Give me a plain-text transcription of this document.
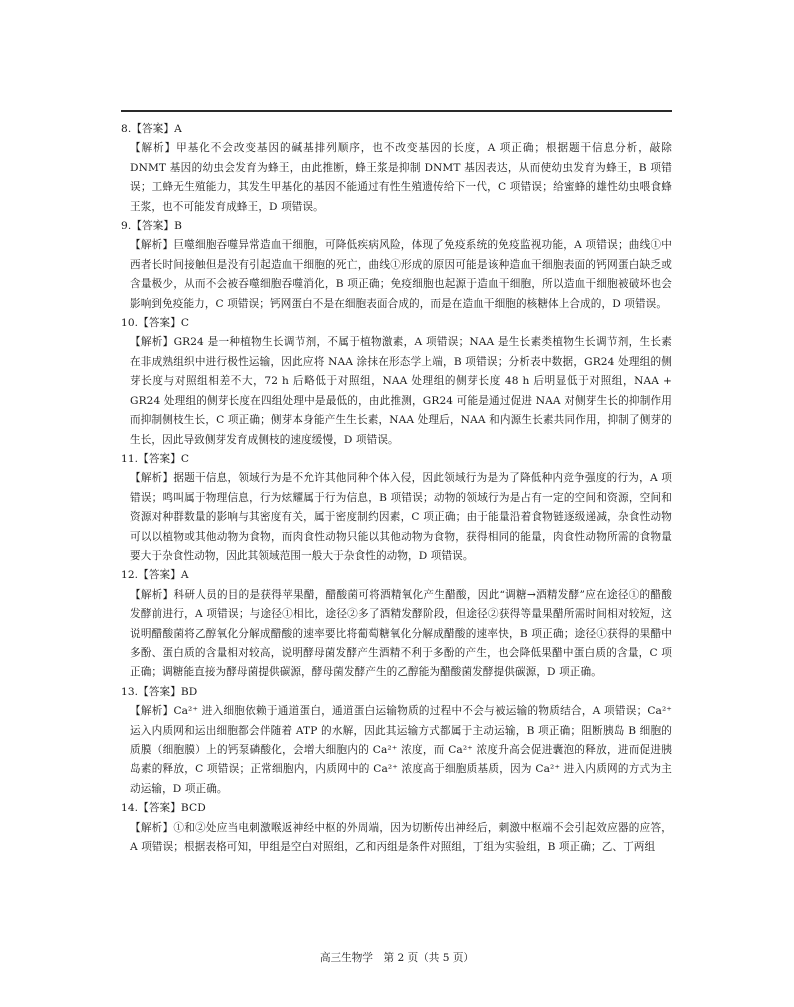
8.【答案】A

【解析】甲基化不会改变基因的碱基排列顺序，也不改变基因的长度，A 项正确；根据题干信息分析，敲除 DNMT 基因的幼虫会发育为蜂王，由此推断，蜂王浆是抑制 DNMT 基因表达，从而使幼虫发育为蜂王，B 项错误；工蜂无生殖能力，其发生甲基化的基因不能通过有性生殖遗传给下一代，C 项错误；给蜜蜂的雄性幼虫喂食蜂王浆，也不可能发育成蜂王，D 项错误。

9.【答案】B

【解析】巨噬细胞吞噬异常造血干细胞，可降低疾病风险，体现了免疫系统的免疫监视功能，A 项错误；曲线①中西者长时间接触但是没有引起造血干细胞的死亡，曲线①形成的原因可能是该种造血干细胞表面的钙网蛋白缺乏或含量极少，从而不会被吞噬细胞吞噬消化，B 项正确；免疫细胞也起源于造血干细胞，所以造血干细胞被破坏也会影响到免疫能力，C 项错误；钙网蛋白不是在细胞表面合成的，而是在造血干细胞的核糖体上合成的，D 项错误。

10.【答案】C

【解析】GR24 是一种植物生长调节剂，不属于植物激素，A 项错误；NAA 是生长素类植物生长调节剂，生长素在非成熟组织中进行极性运输，因此应将 NAA 涂抹在形态学上端，B 项错误；分析表中数据，GR24 处理组的侧芽长度与对照组相差不大，72 h 后略低于对照组，NAA 处理组的侧芽长度 48 h 后明显低于对照组，NAA + GR24 处理组的侧芽长度在四组处理中是最低的，由此推测，GR24 可能是通过促进 NAA 对侧芽生长的抑制作用而抑制侧枝生长，C 项正确；侧芽本身能产生生长素，NAA 处理后，NAA 和内源生长素共同作用，抑制了侧芽的生长，因此导致侧芽发育成侧枝的速度缓慢，D 项错误。

11.【答案】C

【解析】据题干信息，领域行为是不允许其他同种个体入侵，因此领域行为是为了降低种内竞争强度的行为，A 项错误；鸣叫属于物理信息，行为炫耀属于行为信息，B 项错误；动物的领域行为是占有一定的空间和资源，空间和资源对种群数量的影响与其密度有关，属于密度制约因素，C 项正确；由于能量沿着食物链逐级递减，杂食性动物可以以植物或其他动物为食物，而肉食性动物只能以其他动物为食物，获得相同的能量，肉食性动物所需的食物量要大于杂食性动物，因此其领域范围一般大于杂食性的动物，D 项错误。

12.【答案】A

【解析】科研人员的目的是获得苹果醋，醋酸菌可将酒精氧化产生醋酸，因此“调糖→酒精发酵”应在途径①的醋酸发酵前进行，A 项错误；与途径①相比，途径②多了酒精发酵阶段，但途径②获得等量果醋所需时间相对较短，这说明醋酸菌将乙醇氧化分解成醋酸的速率要比将葡萄糖氧化分解成醋酸的速率快，B 项正确；途径①获得的果醋中多酚、蛋白质的含量相对较高，说明酵母菌发酵产生酒精不利于多酚的产生，也会降低果醋中蛋白质的含量，C 项正确；调糖能直接为酵母菌提供碳源，酵母菌发酵产生的乙醇能为醋酸菌发酵提供碳源，D 项正确。

13.【答案】BD

【解析】Ca²⁺ 进入细胞依赖于通道蛋白，通道蛋白运输物质的过程中不会与被运输的物质结合，A 项错误；Ca²⁺ 运入内质网和运出细胞都会伴随着 ATP 的水解，因此其运输方式都属于主动运输，B 项正确；阻断胰岛 B 细胞的质膜（细胞膜）上的钙泵磷酸化，会增大细胞内的 Ca²⁺ 浓度，而 Ca²⁺ 浓度升高会促进囊泡的释放，进而促进胰岛素的释放，C 项错误；正常细胞内，内质网中的 Ca²⁺ 浓度高于细胞质基质，因为 Ca²⁺ 进入内质网的方式为主动运输，D 项正确。

14.【答案】BCD

【解析】①和②处应当电刺激喉返神经中枢的外周端，因为切断传出神经后，刺激中枢端不会引起效应器的应答，A 项错误；根据表格可知，甲组是空白对照组，乙和丙组是条件对照组，丁组为实验组，B 项正确；乙、丁两组

高三生物学　第 2 页（共 5 页）
